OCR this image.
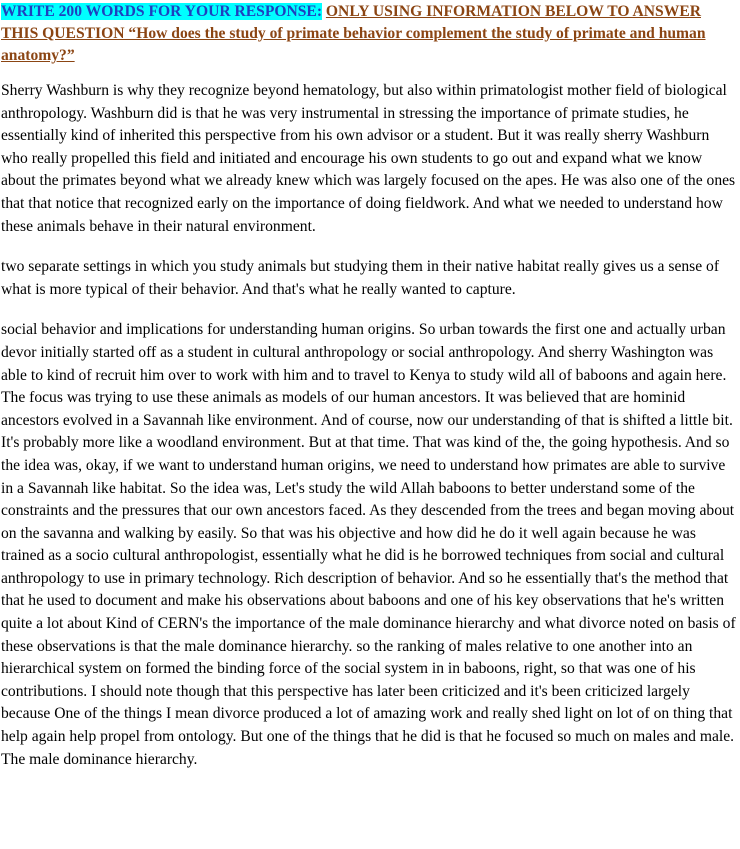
WRITE 200 WORDS FOR YOUR RESPONSE: ONLY USING INFORMATION BELOW TO ANSWER THIS QUESTION “How does the study of primate behavior complement the study of primate and human anatomy?”

Sherry Washburn is why they recognize beyond hematology, but also within primatologist mother field of biological anthropology. Washburn did is that he was very instrumental in stressing the importance of primate studies, he essentially kind of inherited this perspective from his own advisor or a student. But it was really sherry Washburn who really propelled this field and initiated and encourage his own students to go out and expand what we know about the primates beyond what we already knew which was largely focused on the apes. He was also one of the ones that that notice that recognized early on the importance of doing fieldwork. And what we needed to understand how these animals behave in their natural environment.

two separate settings in which you study animals but studying them in their native habitat really gives us a sense of what is more typical of their behavior. And that's what he really wanted to capture.

social behavior and implications for understanding human origins. So urban towards the first one and actually urban devor initially started off as a student in cultural anthropology or social anthropology. And sherry Washington was able to kind of recruit him over to work with him and to travel to Kenya to study wild all of baboons and again here. The focus was trying to use these animals as models of our human ancestors. It was believed that are hominid ancestors evolved in a Savannah like environment. And of course, now our understanding of that is shifted a little bit. It's probably more like a woodland environment. But at that time. That was kind of the, the going hypothesis. And so the idea was, okay, if we want to understand human origins, we need to understand how primates are able to survive in a Savannah like habitat. So the idea was, Let's study the wild Allah baboons to better understand some of the constraints and the pressures that our own ancestors faced. As they descended from the trees and began moving about on the savanna and walking by easily. So that was his objective and how did he do it well again because he was trained as a socio cultural anthropologist, essentially what he did is he borrowed techniques from social and cultural anthropology to use in primary technology. Rich description of behavior. And so he essentially that's the method that that he used to document and make his observations about baboons and one of his key observations that he's written quite a lot about Kind of CERN's the importance of the male dominance hierarchy and what divorce noted on basis of these observations is that the male dominance hierarchy. so the ranking of males relative to one another into an hierarchical system on formed the binding force of the social system in in baboons, right, so that was one of his contributions. I should note though that this perspective has later been criticized and it's been criticized largely because One of the things I mean divorce produced a lot of amazing work and really shed light on lot of on thing that help again help propel from ontology. But one of the things that he did is that he focused so much on males and male. The male dominance hierarchy.
